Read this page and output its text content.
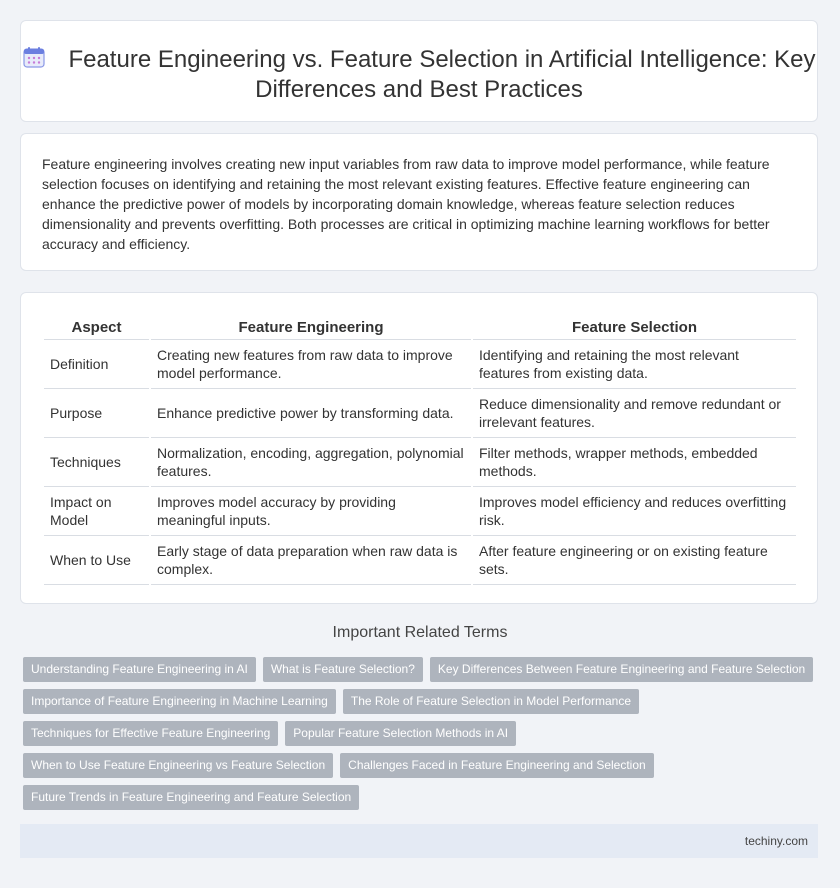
Feature Engineering vs. Feature Selection in Artificial Intelligence: Key Differences and Best Practices

Feature engineering involves creating new input variables from raw data to improve model performance, while feature selection focuses on identifying and retaining the most relevant existing features. Effective feature engineering can enhance the predictive power of models by incorporating domain knowledge, whereas feature selection reduces dimensionality and prevents overfitting. Both processes are critical in optimizing machine learning workflows for better accuracy and efficiency.

Aspect	Feature Engineering	Feature Selection
Definition	Creating new features from raw data to improve model performance.	Identifying and retaining the most relevant features from existing data.
Purpose	Enhance predictive power by transforming data.	Reduce dimensionality and remove redundant or irrelevant features.
Techniques	Normalization, encoding, aggregation, polynomial features.	Filter methods, wrapper methods, embedded methods.
Impact on Model	Improves model accuracy by providing meaningful inputs.	Improves model efficiency and reduces overfitting risk.
When to Use	Early stage of data preparation when raw data is complex.	After feature engineering or on existing feature sets.
Important Related Terms
Understanding Feature Engineering in AI	What is Feature Selection?	Key Differences Between Feature Engineering and Feature Selection
Importance of Feature Engineering in Machine Learning	The Role of Feature Selection in Model Performance
Techniques for Effective Feature Engineering	Popular Feature Selection Methods in AI
When to Use Feature Engineering vs Feature Selection	Challenges Faced in Feature Engineering and Selection
Future Trends in Feature Engineering and Feature Selection
techiny.com
